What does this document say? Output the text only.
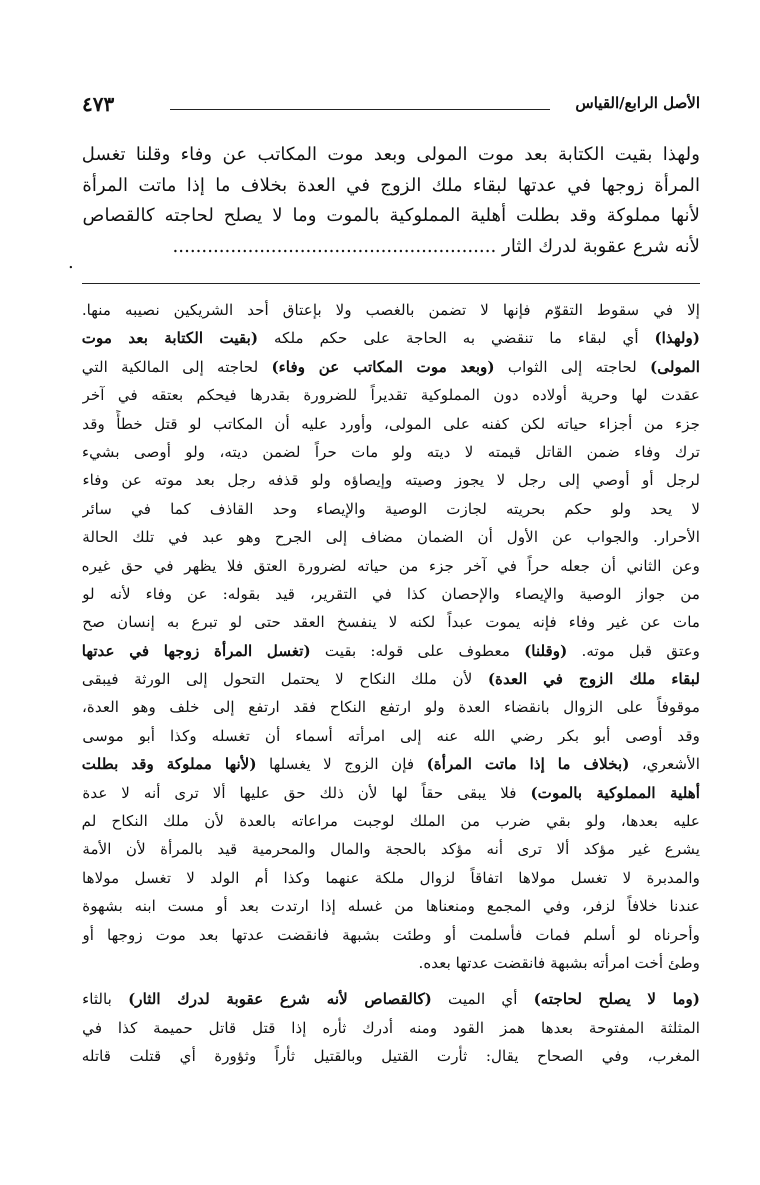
الأصل الرابع/القياس
٤٧٣
ولهذا بقيت الكتابة بعد موت المولى وبعد موت المكاتب عن وفاء وقلنا تغسل
المرأة زوجها في عدتها لبقاء ملك الزوج في العدة بخلاف ما إذا ماتت المرأة
لأنها مملوكة وقد بطلت أهلية المملوكية بالموت وما لا يصلح لحاجته كالقصاص
لأنه شرع عقوبة لدرك الثار ........................................................
.
إلا في سقوط التقوّم فإنها لا تضمن بالغصب ولا بإعتاق أحد الشريكين نصيبه منها.
(ولهذا) أي لبقاء ما تنقضي به الحاجة على حكم ملكه (بقيت الكتابة بعد موت
المولى) لحاجته إلى الثواب (وبعد موت المكاتب عن وفاء) لحاجته إلى المالكية التي
عقدت لها وحرية أولاده دون المملوكية تقديراً للضرورة بقدرها فيحكم بعتقه في آخر
جزء من أجزاء حياته لكن كفنه على المولى، وأورد عليه أن المكاتب لو قتل خطأً وقد
ترك وفاء ضمن القاتل قيمته لا ديته ولو مات حراً لضمن ديته، ولو أوصى بشيء
لرجل أو أوصي إلى رجل لا يجوز وصيته وإيصاؤه ولو قذفه رجل بعد موته عن وفاء
لا يحد ولو حكم بحريته لجازت الوصية والإيصاء وحد القاذف كما في سائر
الأحرار. والجواب عن الأول أن الضمان مضاف إلى الجرح وهو عبد في تلك الحالة
وعن الثاني أن جعله حراً في آخر جزء من حياته لضرورة العتق فلا يظهر في حق غيره
من جواز الوصية والإيصاء والإحصان كذا في التقرير، قيد بقوله: عن وفاء لأنه لو
مات عن غير وفاء فإنه يموت عبداً لكنه لا ينفسخ العقد حتى لو تبرع به إنسان صح
وعتق قبل موته. (وقلنا) معطوف على قوله: بقيت (تغسل المرأة زوجها في عدتها
لبقاء ملك الزوج في العدة) لأن ملك النكاح لا يحتمل التحول إلى الورثة فيبقى
موقوفاً على الزوال بانقضاء العدة ولو ارتفع النكاح فقد ارتفع إلى خلف وهو العدة،
وقد أوصى أبو بكر رضي الله عنه إلى امرأته أسماء أن تغسله وكذا أبو موسى
الأشعري، (بخلاف ما إذا ماتت المرأة) فإن الزوج لا يغسلها (لأنها مملوكة وقد بطلت
أهلية المملوكية بالموت) فلا يبقى حقاً لها لأن ذلك حق عليها ألا ترى أنه لا عدة
عليه بعدها، ولو بقي ضرب من الملك لوجبت مراعاته بالعدة لأن ملك النكاح لم
يشرع غير مؤكد ألا ترى أنه مؤكد بالحجة والمال والمحرمية قيد بالمرأة لأن الأمة
والمدبرة لا تغسل مولاها اتفاقاً لزوال ملكة عنهما وكذا أم الولد لا تغسل مولاها
عندنا خلافاً لزفر، وفي المجمع ومنعناها من غسله إذا ارتدت بعد أو مست ابنه بشهوة
وأحرناه لو أسلم فمات فأسلمت أو وطئت بشبهة فانقضت عدتها بعد موت زوجها أو
وطئ أخت امرأته بشبهة فانقضت عدتها بعده.
(وما لا يصلح لحاجته) أي الميت (كالقصاص لأنه شرع عقوبة لدرك الثار) بالثاء
المثلثة المفتوحة بعدها همز القود ومنه أدرك ثأره إذا قتل قاتل حميمة كذا في
المغرب، وفي الصحاح يقال: ثأرت القتيل وبالقتيل ثأراً وثؤورة أي قتلت قاتله
